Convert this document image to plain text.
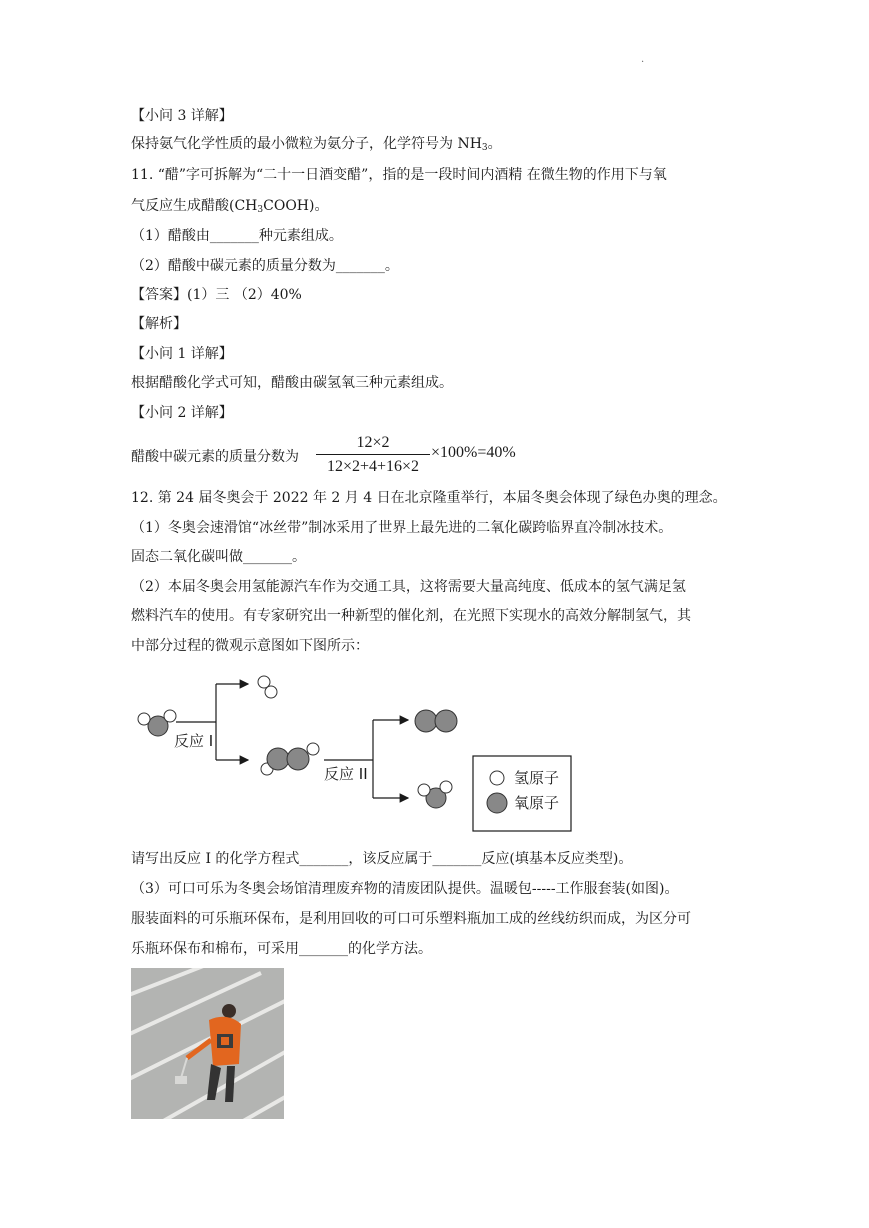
.
【小问 3 详解】
保持氨气化学性质的最小微粒为氨分子，化学符号为 $NH_3$。
11. “醋”字可拆解为“二十一日酒变醋”，指的是一段时间内酒精 在微生物的作用下与氧
气反应生成醋酸$(CH_3COOH)$。
（1）醋酸由_______种元素组成。
（2）醋酸中碳元素的质量分数为_______。
【答案】(1）三 （2）40%
【解析】
【小问 1 详解】
根据醋酸化学式可知，醋酸由碳氢氧三种元素组成。
【小问 2 详解】
醋酸中碳元素的质量分数为
12×2
12×2+4+16×2
×100%=40%
12. 第 24 届冬奥会于 2022 年 2 月 4 日在北京隆重举行，本届冬奥会体现了绿色办奥的理念。
（1）冬奥会速滑馆“冰丝带”制冰采用了世界上最先进的二氧化碳跨临界直冷制冰技术。
固态二氧化碳叫做_______。
（2）本届冬奥会用氢能源汽车作为交通工具，这将需要大量高纯度、低成本的氢气满足氢
燃料汽车的使用。有专家研究出一种新型的催化剂，在光照下实现水的高效分解制氢气，其
中部分过程的微观示意图如下图所示：
反应 I
反应 II	氢原子
氧原子
请写出反应 I 的化学方程式_______，该反应属于_______反应(填基本反应类型)。
（3）可口可乐为冬奥会场馆清理废弃物的清废团队提供。温暖包-----工作服套装(如图)。
服装面料的可乐瓶环保布，是利用回收的可口可乐塑料瓶加工成的丝线纺织而成，为区分可
乐瓶环保布和棉布，可采用_______的化学方法。
